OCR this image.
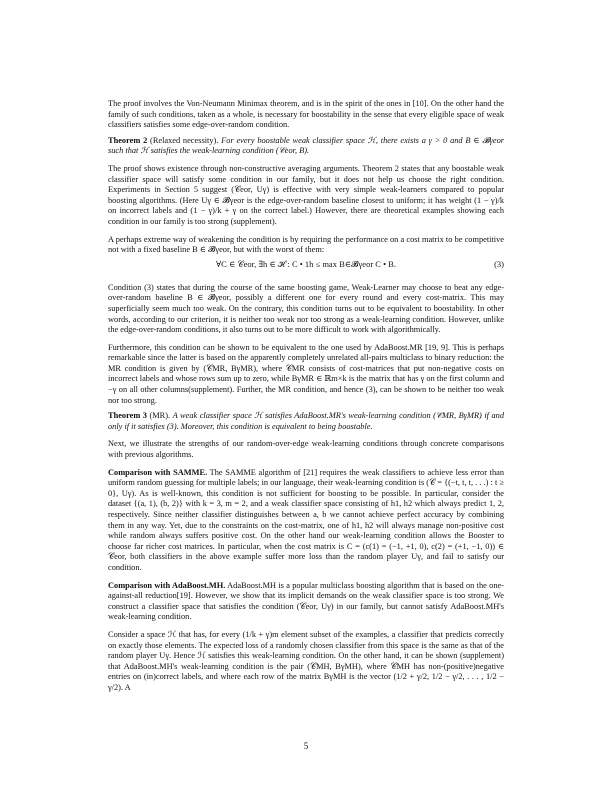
The proof involves the Von-Neumann Minimax theorem, and is in the spirit of the ones in [10]. On the other hand the family of such conditions, taken as a whole, is necessary for boostability in the sense that every eligible space of weak classifiers satisfies some edge-over-random condition.

Theorem 2 (Relaxed necessity). For every boostable weak classifier space ℋ, there exists a γ > 0 and B ∈ 𝓑γeor such that ℋ satisfies the weak-learning condition (𝒞eor, B).

The proof shows existence through non-constructive averaging arguments. Theorem 2 states that any boostable weak classifier space will satisfy some condition in our family, but it does not help us choose the right condition. Experiments in Section 5 suggest (𝒞eor, Uγ) is effective with very simple weak-learners compared to popular boosting algorithms. (Here Uγ ∈ 𝓑γeor is the edge-over-random baseline closest to uniform; it has weight (1 − γ)/k on incorrect labels and (1 − γ)/k + γ on the correct label.) However, there are theoretical examples showing each condition in our family is too strong (supplement).

A perhaps extreme way of weakening the condition is by requiring the performance on a cost matrix to be competitive not with a fixed baseline B ∈ 𝓑γeor, but with the worst of them:

∀C ∈ 𝒞eor, ∃h ∈ ℋ : C • 1h ≤ max B∈𝓑γeor C • B.	(3)

Condition (3) states that during the course of the same boosting game, Weak-Learner may choose to beat any edge-over-random baseline B ∈ 𝓑γeor, possibly a different one for every round and every cost-matrix. This may superficially seem much too weak. On the contrary, this condition turns out to be equivalent to boostability. In other words, according to our criterion, it is neither too weak nor too strong as a weak-learning condition. However, unlike the edge-over-random conditions, it also turns out to be more difficult to work with algorithmically.

Furthermore, this condition can be shown to be equivalent to the one used by AdaBoost.MR [19, 9]. This is perhaps remarkable since the latter is based on the apparently completely unrelated all-pairs multiclass to binary reduction: the MR condition is given by (𝒞MR, BγMR), where 𝒞MR consists of cost-matrices that put non-negative costs on incorrect labels and whose rows sum up to zero, while BγMR ∈ ℝm×k is the matrix that has γ on the first column and −γ on all other columns(supplement). Further, the MR condition, and hence (3), can be shown to be neither too weak nor too strong.

Theorem 3 (MR). A weak classifier space ℋ satisfies AdaBoost.MR's weak-learning condition (𝒞MR, BγMR) if and only if it satisfies (3). Moreover, this condition is equivalent to being boostable.

Next, we illustrate the strengths of our random-over-edge weak-learning conditions through concrete comparisons with previous algorithms.

Comparison with SAMME. The SAMME algorithm of [21] requires the weak classifiers to achieve less error than uniform random guessing for multiple labels; in our language, their weak-learning condition is (𝒞 = {(−t, t, t, . . .) : t ≥ 0}, Uγ). As is well-known, this condition is not sufficient for boosting to be possible. In particular, consider the dataset {(a, 1), (b, 2)} with k = 3, m = 2, and a weak classifier space consisting of h1, h2 which always predict 1, 2, respectively. Since neither classifier distinguishes between a, b we cannot achieve perfect accuracy by combining them in any way. Yet, due to the constraints on the cost-matrix, one of h1, h2 will always manage non-positive cost while random always suffers positive cost. On the other hand our weak-learning condition allows the Booster to choose far richer cost matrices. In particular, when the cost matrix is C = (c(1) = (−1, +1, 0), c(2) = (+1, −1, 0)) ∈ 𝒞eor, both classifiers in the above example suffer more loss than the random player Uγ, and fail to satisfy our condition.

Comparison with AdaBoost.MH. AdaBoost.MH is a popular multiclass boosting algorithm that is based on the one-against-all reduction[19]. However, we show that its implicit demands on the weak classifier space is too strong. We construct a classifier space that satisfies the condition (𝒞eor, Uγ) in our family, but cannot satisfy AdaBoost.MH's weak-learning condition.

Consider a space ℋ that has, for every (1/k + γ)m element subset of the examples, a classifier that predicts correctly on exactly those elements. The expected loss of a randomly chosen classifier from this space is the same as that of the random player Uγ. Hence ℋ satisfies this weak-learning condition. On the other hand, it can be shown (supplement) that AdaBoost.MH's weak-learning condition is the pair (𝒞MH, BγMH), where 𝒞MH has non-(positive)negative entries on (in)correct labels, and where each row of the matrix BγMH is the vector (1/2 + γ/2, 1/2 − γ/2, . . . , 1/2 − γ/2). A

5
